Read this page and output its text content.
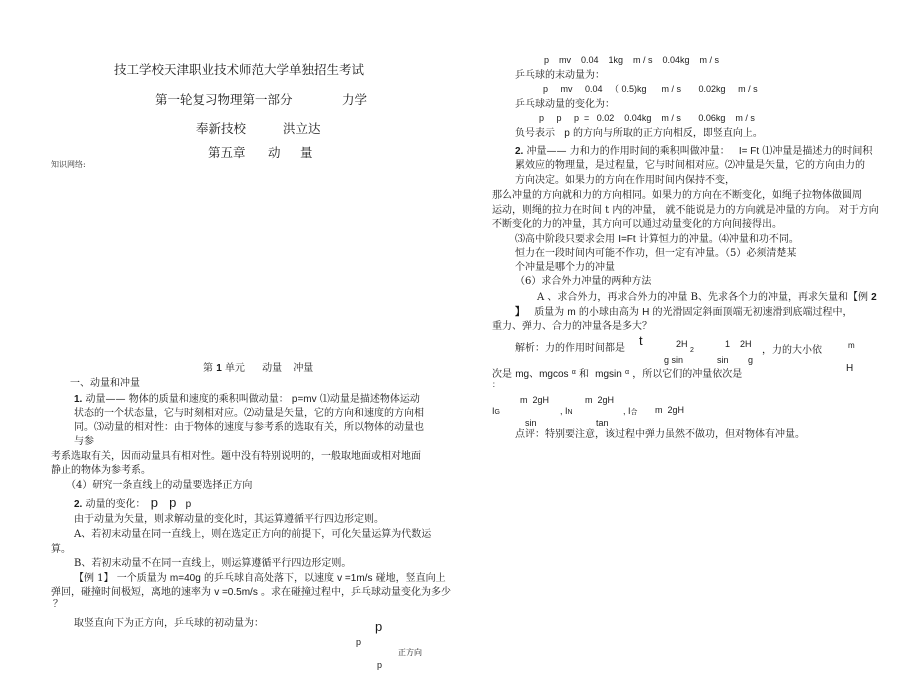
技工学校天津职业技术师范大学单独招生考试
第一轮复习物理第一部分	力学
奉新技校	洪立达
第五章 动 量
知识网络:
第 1 单元 动量 冲量
一、动量和冲量
1. 动量—— 物体的质量和速度的乘积叫做动量： p=mv ⑴动量是描述物体运动
状态的一个状态量，它与时刻相对应。⑵动量是矢量，它的方向和速度的方向相
同。⑶动量的相对性：由于物体的速度与参考系的选取有关，所以物体的动量也
与参
考系选取有关，因而动量具有相对性。题中没有特别说明的，一般取地面或相对地面
静止的物体为参考系。
（4）研究一条直线上的动量要选择正方向
2. 动量的变化： p p p
由于动量为矢量，则求解动量的变化时，其运算遵循平行四边形定则。
A、若初末动量在同一直线上，则在选定正方向的前提下，可化矢量运算为代数运
算。
B、若初末动量不在同一直线上，则运算遵循平行四边形定则。
【例 1】 一个质量为 m=40g 的乒乓球自高处落下，以速度 v =1m/s 碰地，竖直向上
弹回，碰撞时间极短，离地的速率为 v =0.5m/s 。求在碰撞过程中，乒乓球动量变化为多少
？
取竖直向下为正方向，乒乓球的初动量为：	p
p
正方向
p
p    mv    0.04    1kg    m / s    0.04kg    m / s
乒乓球的末动量为：
p     mv     0.04   （ 0.5)kg      m / s       0.02kg     m / s
乒乓球动量的变化为：
p     p     p  =   0.02    0.04kg    m / s       0.06kg    m / s
负号表示 p 的方向与所取的正方向相反，即竖直向上。
2. 冲量—— 力和力的作用时间的乘积叫做冲量： I= Ft ⑴冲量是描述力的时间积
累效应的物理量，是过程量，它与时间相对应。⑵冲量是矢量，它的方向由力的
方向决定。如果力的方向在作用时间内保持不变，
那么冲量的方向就和力的方向相同。如果力的方向在不断变化，如绳子拉物体做圆周
运动，则绳的拉力在时间 t 内的冲量， 就不能说是力的方向就是冲量的方向。 对于方向
不断变化的力的冲量，其方向可以通过动量变化的方向间接得出。
⑶高中阶段只要求会用 I=Ft 计算恒力的冲量。⑷冲量和功不同。
恒力在一段时间内可能不作功，但一定有冲量。（5）必须清楚某
个冲量是哪个力的冲量
（6）求合外力冲量的两种方法
A 、求合外力，再求合外力的冲量 B、先求各个力的冲量，再求矢量和【例 2
】 质量为 m 的小球由高为 H 的光滑固定斜面顶端无初速滑到底端过程中，
重力、弹力、合力的冲量各是多大？
解析：力的作用时间都是
t	2H
2
1 2H
g sin	sin g
，力的大小依	m
H
次是 mg、mgcos $^\alpha$ 和 mgsin $^\alpha$ ，所以它们的冲量依次是
：
m  2gH	m  2gH
m  2gH
IG	, IN	, I合
sin	tan
点评：特别要注意，该过程中弹力虽然不做功，但对物体有冲量。
